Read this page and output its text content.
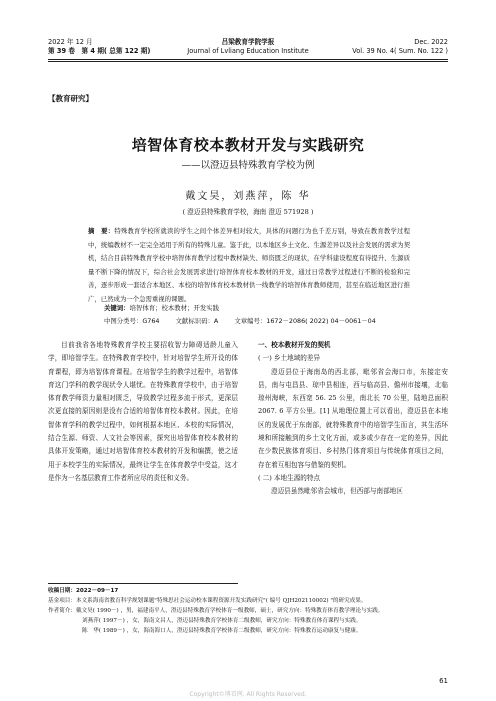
2022 年 12 月
第 39 卷　第 4 期( 总第 122 期)
吕梁教育学院学报
Journal of Lvliang Education Institute
Dec. 2022
Vol. 39 No. 4( Sum. No. 122 )
【教育研究】
培智体育校本教材开发与实践研究
——以澄迈县特殊教育学校为例
戴文昊，刘燕萍，陈 华
( 澄迈县特殊教育学校，海南 澄迈 571928 )
摘　要：特殊教育学校所就读的学生之间个体差异相对较大，具体的问题行为也千差万别，导致在教育教学过程中，统编教材不一定完全适用于所有的特殊儿童。鉴于此，以本地区乡土文化、生源差异以及社会发展的需求为契机，结合目前特殊教育学校中培智体育教学过程中教材缺失、师资匮乏的现状，在学科建设程度有待提升、生源质量不断下降的情况下，综合社会发展需求进行培智体育校本教材的开发，通过日常教学过程进行不断的检验和完善，逐步形成一套适合本地区、本校的培智体育校本教材供一线教学的培智体育教师使用，甚至在临近地区进行推广，已然成为一个急需重视的课题。
关键词：培智体育；校本教材；开发实践
中图分类号：G764	文献标识码：A	文章编号：1672－2086( 2022) 04－0061－04

目前我省各地特殊教育学校主要招收智力障碍适龄儿童入学，即培智学生。在特殊教育学校中，针对培智学生所开设的体育课程，即为培智体育课程。在培智学生的教学过程中，培智体育这门学科的教学现状令人堪忧。在特殊教育学校中，由于培智体育教学师资力量相对匮乏，导致教学过程多流于形式，更深层次更直接的原因则是没有合适的培智体育校本教材。因此，在培智体育学科的教学过程中，如何根据本地区、本校的实际情况，结合生源、师资、人文社会等因素，探究出培智体育校本教材的具体开发策略，通过对培智体育校本教材的开发和编撰，使之适用于本校学生的实际情况，最终让学生在体育教学中受益，这才是作为一名基层教育工作者所应尽的责任和义务。

一、校本教材开发的契机

( 一) 乡土地域的差异

澄迈县位于海南岛的西北部，毗邻省会海口市，东接定安县，南与屯昌县、琼中县相连，西与临高县、儋州市接壤，北临琼州海峡，东西宽 56. 25 公里，南北长 70 公里，陆地总面积 2067. 6 平方公里。[1] 从地理位置上可以看出，澄迈县在本地区的发展优于东南部，就特殊教育中的培智学生而言，其生活环境和所接触到的乡土文化方面，或多或少存在一定的差异，因此在少数民族体育项目、乡村热门体育项目与传统体育项目之间，存在着互相包容与借鉴的契机。

( 二) 本地生源的特点

澄迈县虽然毗邻省会城市，但西部与南部地区

收稿日期：2022－09－17
基金项目：本文系海南省教育科学规划课题"特殊思社会运动校本课程资源开发实践研究"( 编号 QJH202110002) "的研究成果。
作者简介：戴文昊( 1990－) ，男，福建南平人，澄迈县特殊教育学校体育一级教师，硕士，研究方向：特殊教育体育教学理论与实践。
刘燕萍( 1997－) ，女，海南文昌人，澄迈县特殊教育学校体育二级教师，研究方向：特殊教育体育课程与实践。
陈　华( 1989－) ，女，海南海口人，澄迈县特殊教育学校体育二级教师，研究方向：特殊教育运动康复与健康。
61
Copyright©博看网. All Rights Reserved.
